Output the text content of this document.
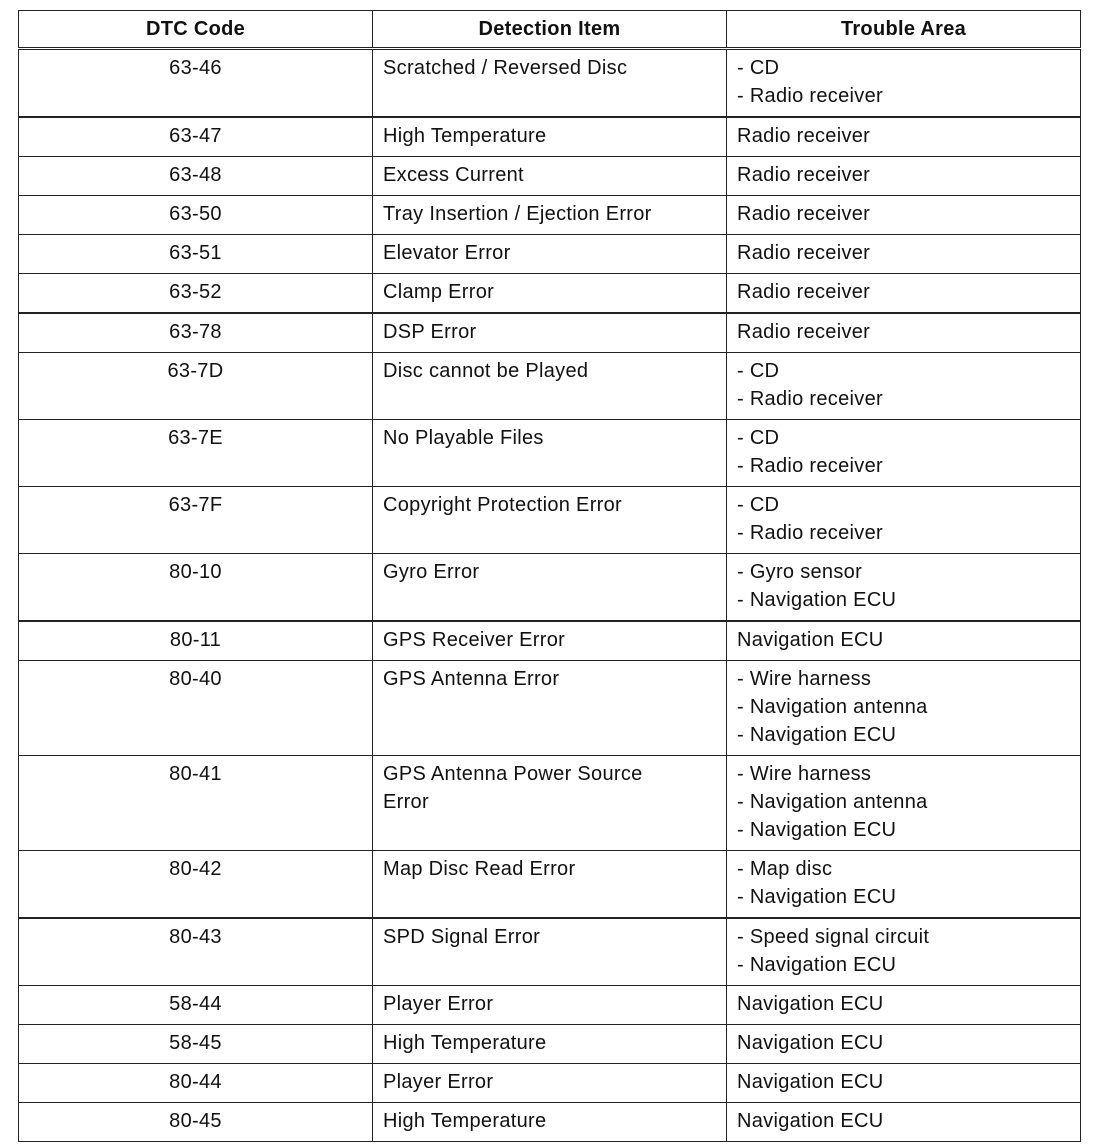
DTC Code	Detection Item	Trouble Area
63-46	Scratched / Reversed Disc	- CD
- Radio receiver

63-47	High Temperature	Radio receiver

63-48	Excess Current	Radio receiver

63-50	Tray Insertion / Ejection Error	Radio receiver

63-51	Elevator Error	Radio receiver

63-52	Clamp Error	Radio receiver

63-78	DSP Error	Radio receiver

63-7D	Disc cannot be Played	- CD
- Radio receiver

63-7E	No Playable Files	- CD
- Radio receiver

63-7F	Copyright Protection Error	- CD
- Radio receiver

80-10	Gyro Error	- Gyro sensor
- Navigation ECU

80-11	GPS Receiver Error	Navigation ECU

80-40	GPS Antenna Error	- Wire harness
- Navigation antenna
- Navigation ECU

80-41	GPS Antenna Power Source
Error	- Wire harness
- Navigation antenna
- Navigation ECU

80-42	Map Disc Read Error	- Map disc
- Navigation ECU

80-43	SPD Signal Error	- Speed signal circuit
- Navigation ECU

58-44	Player Error	Navigation ECU

58-45	High Temperature	Navigation ECU

80-44	Player Error	Navigation ECU

80-45	High Temperature	Navigation ECU
